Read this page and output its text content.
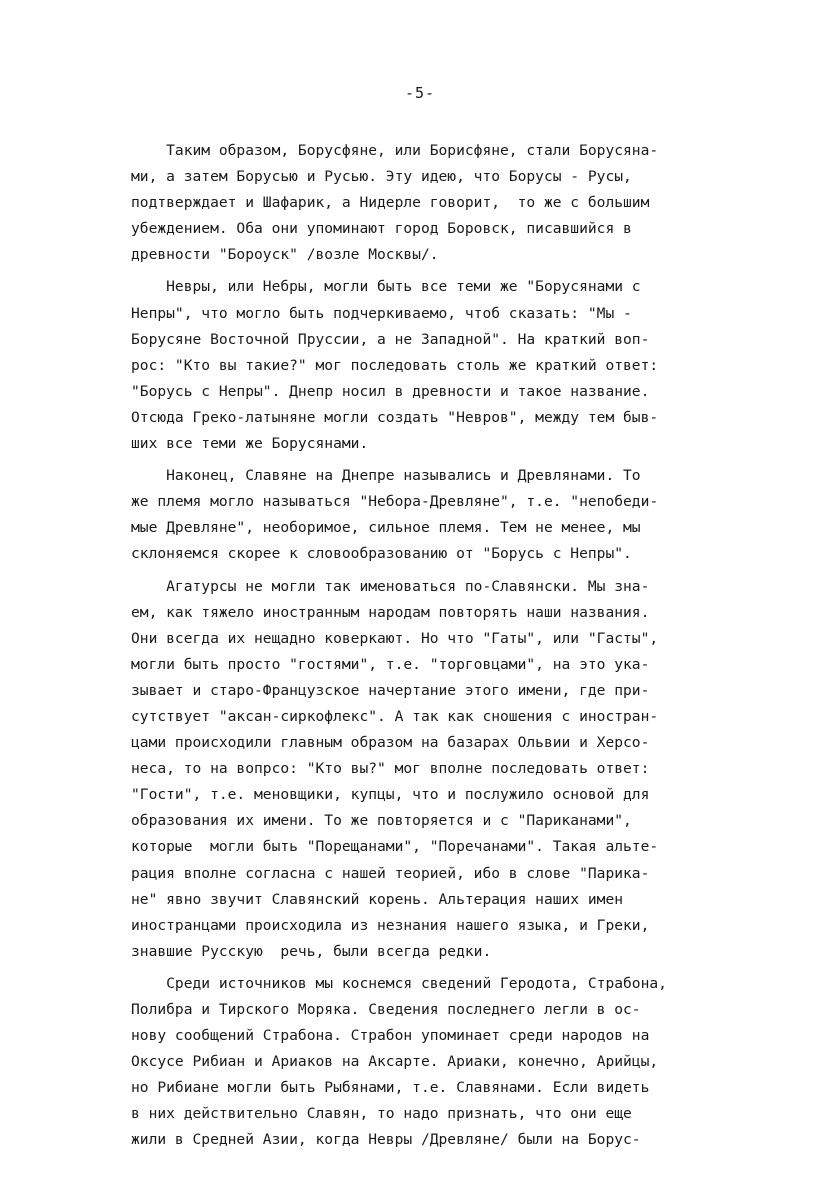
-5-
Таким образом, Борусфяне, или Борисфяне, стали Борусяна-
ми, а затем Борусью и Русью. Эту идею, что Борусы - Русы,
подтверждает и Шафарик, а Нидерле говорит,  то же с большим
убеждением. Оба они упоминают город Боровск, писавшийся в
древности "Бороуск" /возле Москвы/.
Невры, или Небры, могли быть все теми же "Борусянами с
Непры", что могло быть подчеркиваемо, чтоб сказать: "Мы -
Борусяне Восточной Пруссии, а не Западной". На краткий воп-
рос: "Кто вы такие?" мог последовать столь же краткий ответ:
"Борусь с Непры". Днепр носил в древности и такое название.
Отсюда Греко-латыняне могли создать "Невров", между тем быв-
ших все теми же Борусянами.
Наконец, Славяне на Днепре назывались и Древлянами. То
же племя могло называться "Небора-Древляне", т.е. "непобеди-
мые Древляне", необоримое, сильное племя. Тем не менее, мы
склоняемся скорее к словообразованию от "Борусь с Непры".
Агатурсы не могли так именоваться по-Славянски. Мы зна-
ем, как тяжело иностранным народам повторять наши названия.
Они всегда их нещадно коверкают. Но что "Гаты", или "Гасты",
могли быть просто "гостями", т.е. "торговцами", на это ука-
зывает и старо-Французское начертание этого имени, где при-
сутствует "аксан-сиркофлекс". А так как сношения с иностран-
цами происходили главным образом на базарах Ольвии и Херсо-
неса, то на вопрсо: "Кто вы?" мог вполне последовать ответ:
"Гости", т.е. меновщики, купцы, что и послужило основой для
образования их имени. То же повторяется и с "Париканами",
которые  могли быть "Порещанами", "Поречанами". Такая альте-
рация вполне согласна с нашей теорией, ибо в слове "Парика-
не" явно звучит Славянский корень. Альтерация наших имен
иностранцами происходила из незнания нашего языка, и Греки,
знавшие Русскую  речь, были всегда редки.
Среди источников мы коснемся сведений Геродота, Страбона,
Полибра и Тирского Моряка. Сведения последнего легли в ос-
нову сообщений Страбона. Страбон упоминает среди народов на
Оксусе Рибиан и Ариаков на Аксарте. Ариаки, конечно, Арийцы,
но Рибиане могли быть Рыбянами, т.е. Славянами. Если видеть
в них действительно Славян, то надо признать, что они еще
жили в Средней Азии, когда Невры /Древляне/ были на Борус-
